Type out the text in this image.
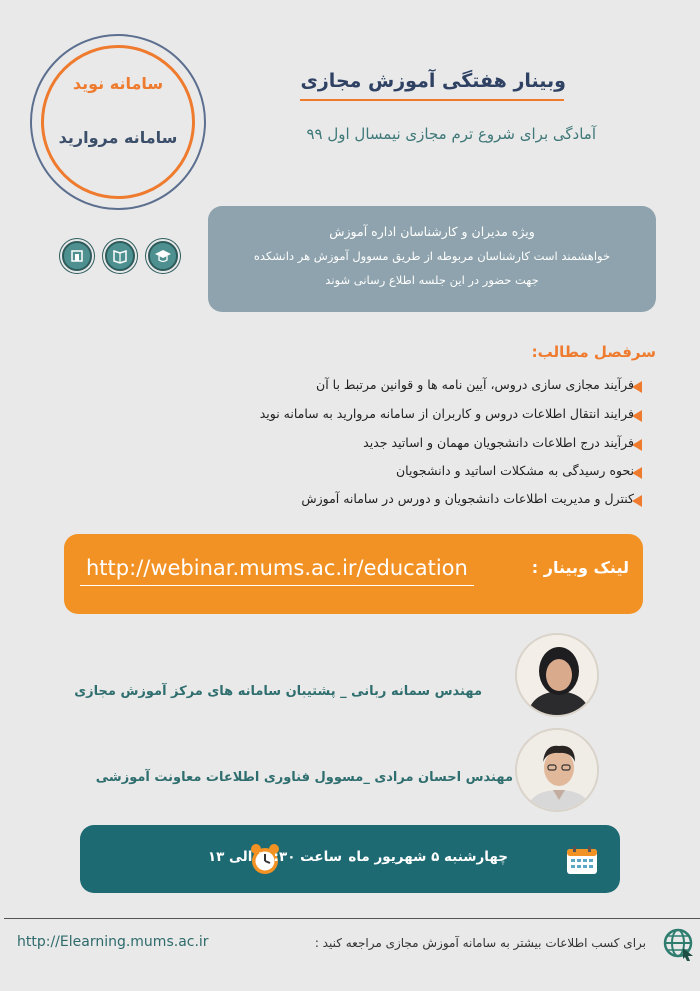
سامانه نوید
سامانه مروارید
وبینار هفتگی آموزش مجازی
آمادگی برای شروع ترم مجازی نیمسال اول ۹۹
ویژه مدیران و کارشناسان اداره آموزش
خواهشمند است کارشناسان مربوطه از طریق مسوول آموزش هر دانشکده
جهت حضور در این جلسه اطلاع رسانی شوند
سرفصل مطالب:
فرآیند مجازی سازی دروس، آیین نامه ها و قوانین مرتبط با آن
فرایند انتقال اطلاعات دروس و کاربران از سامانه مروارید به سامانه نوید
فرآیند درج اطلاعات دانشجویان مهمان و اساتید جدید
نحوه رسیدگی به مشکلات اساتید و دانشجویان
کنترل و مدیریت اطلاعات دانشجویان و دورس در سامانه آموزش
لینک وبینار :
http://webinar.mums.ac.ir/education
مهندس سمانه ربانی _ پشتیبان سامانه های مرکز آموزش مجازی
مهندس احسان مرادی _مسوول فناوری اطلاعات معاونت آموزشی
چهارشنبه ۵ شهریور ماه
ساعت ۱۱:۳۰ الی ۱۳
http://Elearning.mums.ac.ir	برای کسب اطلاعات بیشتر به سامانه آموزش مجازی مراجعه کنید :
